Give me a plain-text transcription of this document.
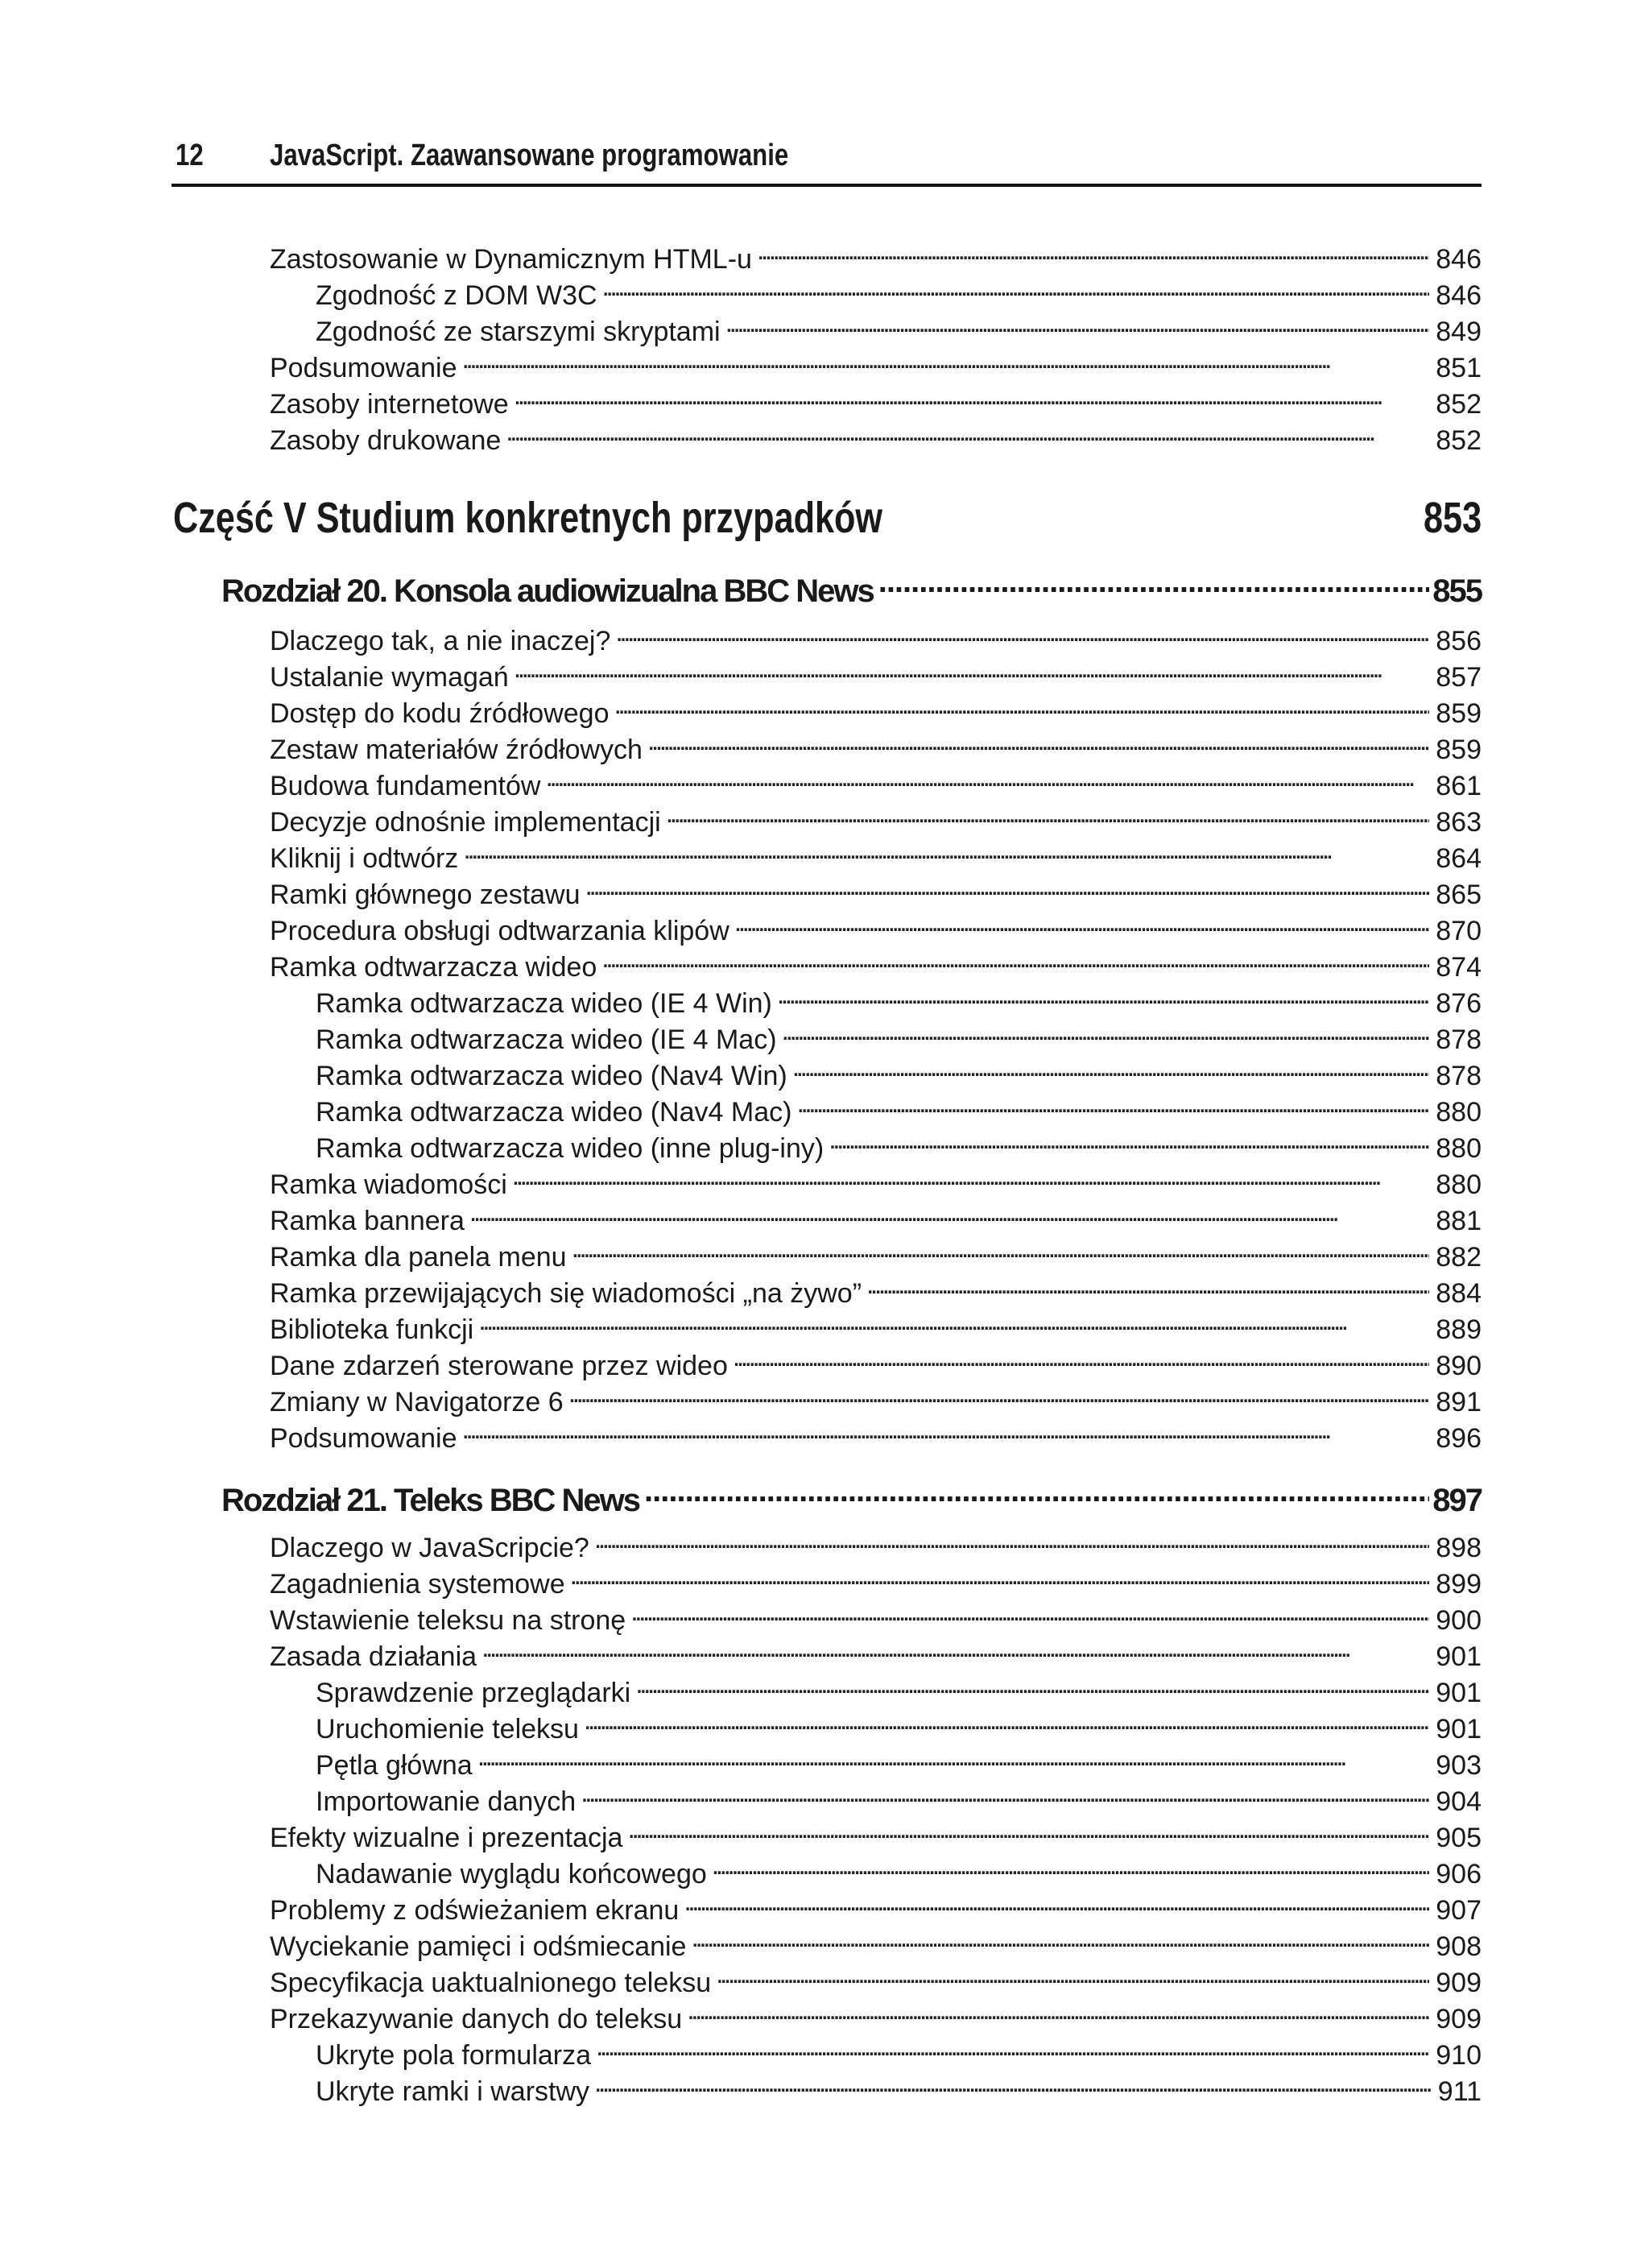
12 JavaScript. Zaawansowane programowanie
Zastosowanie w Dynamicznym HTML-u . . .	846
Zgodność z DOM W3C . . .	846
Zgodność ze starszymi skryptami . . .	849
Podsumowanie . . .	851
Zasoby internetowe . . .	852
Zasoby drukowane . . .	852
Część V Studium konkretnych przypadków	853
Rozdział 20. Konsola audiowizualna BBC News .....	855
Dlaczego tak, a nie inaczej? . . .	856
Ustalanie wymagań . . .	857
Dostęp do kodu źródłowego . . .	859
Zestaw materiałów źródłowych . . .	859
Budowa fundamentów . . .	861
Decyzje odnośnie implementacji . . .	863
Kliknij i odtwórz . . .	864
Ramki głównego zestawu . . .	865
Procedura obsługi odtwarzania klipów . . .	870
Ramka odtwarzacza wideo . . .	874
Ramka odtwarzacza wideo (IE 4 Win) . . .	876
Ramka odtwarzacza wideo (IE 4 Mac) . . .	878
Ramka odtwarzacza wideo (Nav4 Win) . . .	878
Ramka odtwarzacza wideo (Nav4 Mac) . . .	880
Ramka odtwarzacza wideo (inne plug-iny) . . .	880
Ramka wiadomości . . .	880
Ramka bannera . . .	881
Ramka dla panela menu . . .	882
Ramka przewijających się wiadomości „na żywo” . . .	884
Biblioteka funkcji . . .	889
Dane zdarzeń sterowane przez wideo . . .	890
Zmiany w Navigatorze 6 . . .	891
Podsumowanie . . .	896
Rozdział 21. Teleks BBC News .....	897
Dlaczego w JavaScripcie? . . .	898
Zagadnienia systemowe . . .	899
Wstawienie teleksu na stronę . . .	900
Zasada działania . . .	901
Sprawdzenie przeglądarki . . .	901
Uruchomienie teleksu . . .	901
Pętla główna . . .	903
Importowanie danych . . .	904
Efekty wizualne i prezentacja . . .	905
Nadawanie wyglądu końcowego . . .	906
Problemy z odświeżaniem ekranu . . .	907
Wyciekanie pamięci i odśmiecanie . . .	908
Specyfikacja uaktualnionego teleksu . . .	909
Przekazywanie danych do teleksu . . .	909
Ukryte pola formularza . . .	910
Ukryte ramki i warstwy . . .	911
